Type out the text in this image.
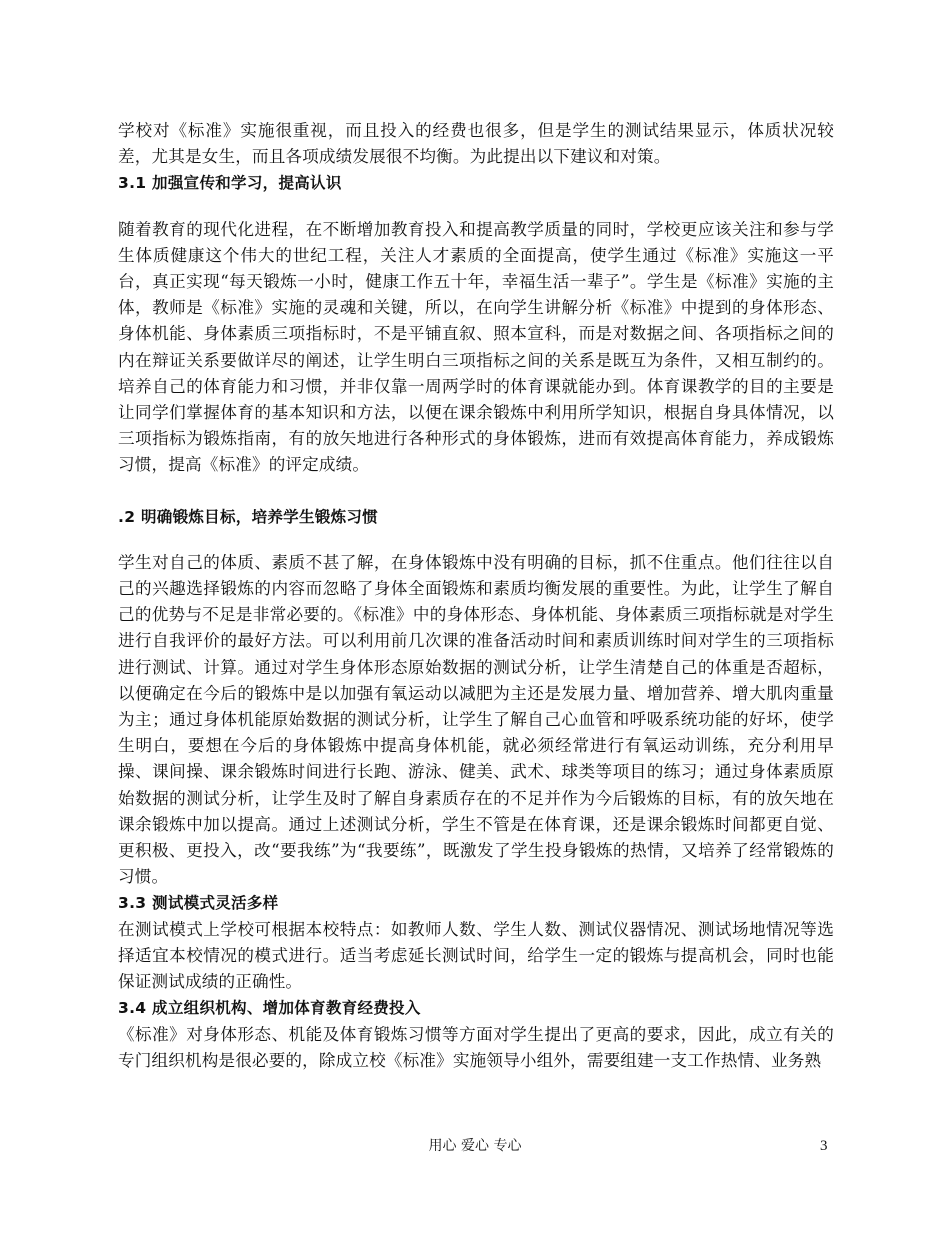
学校对《标准》实施很重视，而且投入的经费也很多，但是学生的测试结果显示，体质状况较差，尤其是女生，而且各项成绩发展很不均衡。为此提出以下建议和对策。

3.1 加强宣传和学习，提高认识

随着教育的现代化进程，在不断增加教育投入和提高教学质量的同时，学校更应该关注和参与学生体质健康这个伟大的世纪工程，关注人才素质的全面提高，使学生通过《标准》实施这一平台，真正实现“每天锻炼一小时，健康工作五十年，幸福生活一辈子”。学生是《标准》实施的主体，教师是《标准》实施的灵魂和关键，所以，在向学生讲解分析《标准》中提到的身体形态、身体机能、身体素质三项指标时，不是平铺直叙、照本宣科，而是对数据之间、各项指标之间的内在辩证关系要做详尽的阐述，让学生明白三项指标之间的关系是既互为条件，又相互制约的。培养自己的体育能力和习惯，并非仅靠一周两学时的体育课就能办到。体育课教学的目的主要是让同学们掌握体育的基本知识和方法，以便在课余锻炼中利用所学知识，根据自身具体情况，以三项指标为锻炼指南，有的放矢地进行各种形式的身体锻炼，进而有效提高体育能力，养成锻炼习惯，提高《标准》的评定成绩。

.2 明确锻炼目标，培养学生锻炼习惯

学生对自己的体质、素质不甚了解，在身体锻炼中没有明确的目标，抓不住重点。他们往往以自己的兴趣选择锻炼的内容而忽略了身体全面锻炼和素质均衡发展的重要性。为此，让学生了解自己的优势与不足是非常必要的。《标准》中的身体形态、身体机能、身体素质三项指标就是对学生进行自我评价的最好方法。可以利用前几次课的准备活动时间和素质训练时间对学生的三项指标进行测试、计算。通过对学生身体形态原始数据的测试分析，让学生清楚自己的体重是否超标，以便确定在今后的锻炼中是以加强有氧运动以减肥为主还是发展力量、增加营养、增大肌肉重量为主；通过身体机能原始数据的测试分析，让学生了解自己心血管和呼吸系统功能的好坏，使学生明白，要想在今后的身体锻炼中提高身体机能，就必须经常进行有氧运动训练，充分利用早操、课间操、课余锻炼时间进行长跑、游泳、健美、武术、球类等项目的练习；通过身体素质原始数据的测试分析，让学生及时了解自身素质存在的不足并作为今后锻炼的目标，有的放矢地在课余锻炼中加以提高。通过上述测试分析，学生不管是在体育课，还是课余锻炼时间都更自觉、更积极、更投入，改“要我练”为“我要练”，既激发了学生投身锻炼的热情，又培养了经常锻炼的习惯。

3.3 测试模式灵活多样

在测试模式上学校可根据本校特点：如教师人数、学生人数、测试仪器情况、测试场地情况等选择适宜本校情况的模式进行。适当考虑延长测试时间，给学生一定的锻炼与提高机会，同时也能保证测试成绩的正确性。

3.4 成立组织机构、增加体育教育经费投入

《标准》对身体形态、机能及体育锻炼习惯等方面对学生提出了更高的要求，因此，成立有关的专门组织机构是很必要的，除成立校《标准》实施领导小组外，需要组建一支工作热情、业务熟

用心 爱心 专心	3
